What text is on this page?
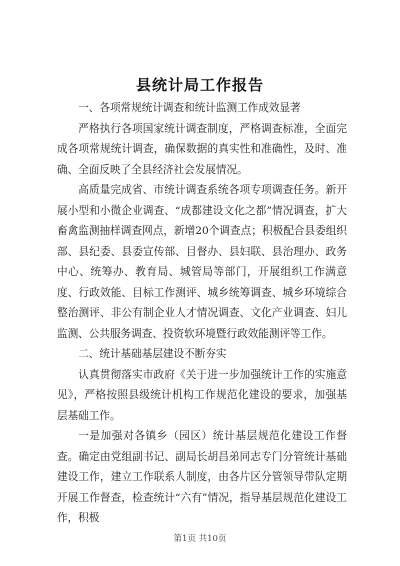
县统计局工作报告

一、各项常规统计调查和统计监测工作成效显著

严格执行各项国家统计调查制度，严格调查标准，全面完成各项常规统计调查，确保数据的真实性和准确性，及时、准确、全面反映了全县经济社会发展情况。

高质量完成省、市统计调查系统各项专项调查任务。新开展小型和小微企业调查、“成都建设文化之都”情况调查，扩大畜禽监测抽样调查网点，新增20个调查点；积极配合县委组织部、县纪委、县委宣传部、目督办、县妇联、县治理办、政务中心、统筹办、教育局、城管局等部门，开展组织工作满意度、行政效能、目标工作测评、城乡统筹调查、城乡环境综合整治测评、非公有制企业人才情况调查、文化产业调查、妇儿监测、公共服务调查、投资软环境暨行政效能测评等工作。

二、统计基础基层建设不断夯实

认真贯彻落实市政府《关于进一步加强统计工作的实施意见》，严格按照县级统计机构工作规范化建设的要求，加强基层基础工作。

一是加强对各镇乡（园区）统计基层规范化建设工作督查。确定由党组副书记、副局长胡昌弟同志专门分管统计基础建设工作，建立工作联系人制度，由各片区分管领导带队定期开展工作督查，检查统计“六有”情况，指导基层规范化建设工作，积极

第1页 共10页
